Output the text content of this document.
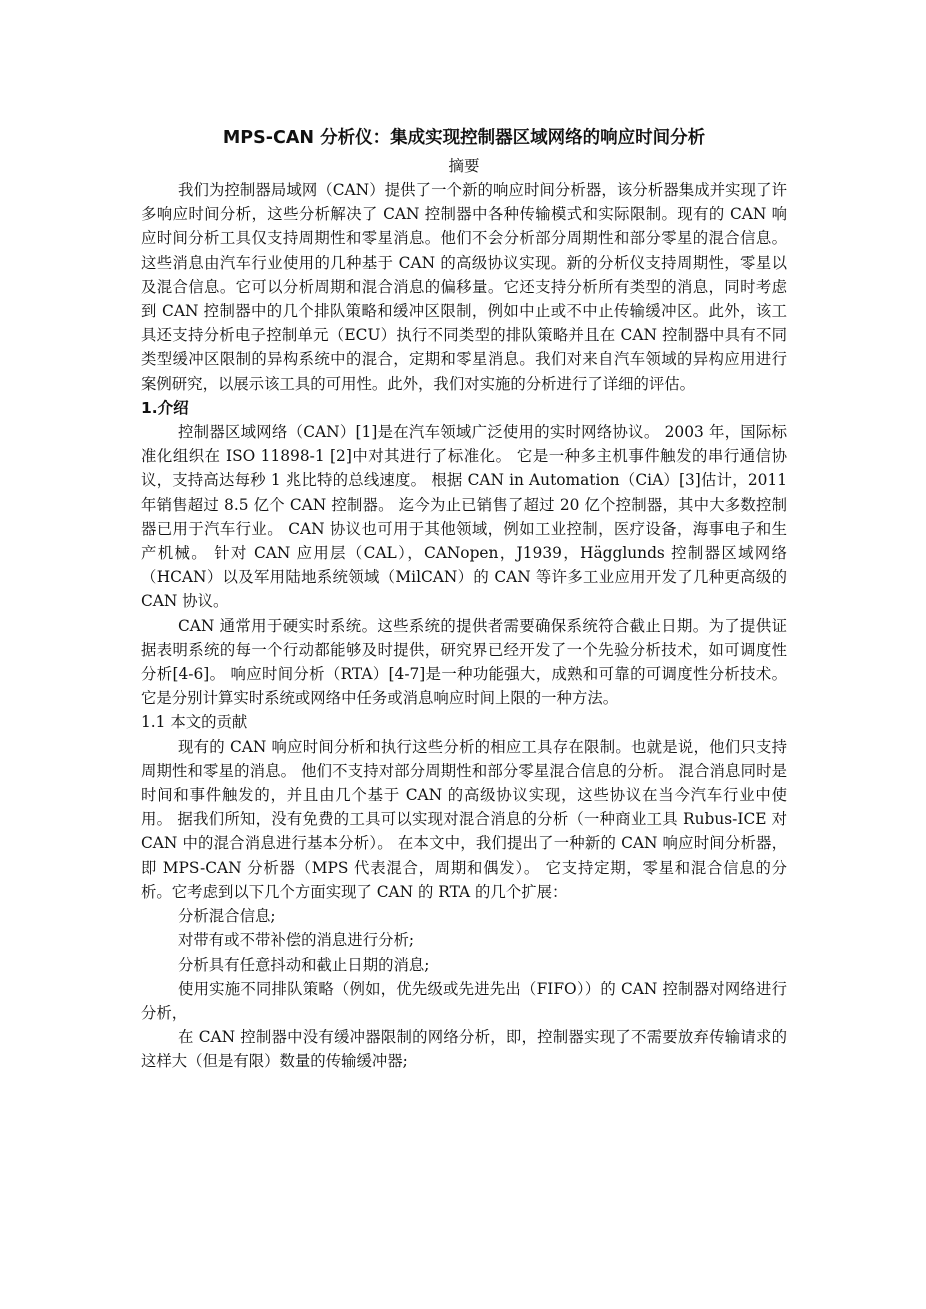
MPS-CAN 分析仪：集成实现控制器区域网络的响应时间分析
摘要

我们为控制器局域网（CAN）提供了一个新的响应时间分析器，该分析器集成并实现了许多响应时间分析，这些分析解决了 CAN 控制器中各种传输模式和实际限制。现有的 CAN 响应时间分析工具仅支持周期性和零星消息。他们不会分析部分周期性和部分零星的混合信息。这些消息由汽车行业使用的几种基于 CAN 的高级协议实现。新的分析仪支持周期性，零星以及混合信息。它可以分析周期和混合消息的偏移量。它还支持分析所有类型的消息，同时考虑到 CAN 控制器中的几个排队策略和缓冲区限制，例如中止或不中止传输缓冲区。此外，该工具还支持分析电子控制单元（ECU）执行不同类型的排队策略并且在 CAN 控制器中具有不同类型缓冲区限制的异构系统中的混合，定期和零星消息。我们对来自汽车领域的异构应用进行案例研究，以展示该工具的可用性。此外，我们对实施的分析进行了详细的评估。

1.介绍

控制器区域网络（CAN）[1]是在汽车领域广泛使用的实时网络协议。 2003 年，国际标准化组织在 ISO 11898-1 [2]中对其进行了标准化。 它是一种多主机事件触发的串行通信协议，支持高达每秒 1 兆比特的总线速度。 根据 CAN in Automation（CiA）[3]估计，2011 年销售超过 8.5 亿个 CAN 控制器。 迄今为止已销售了超过 20 亿个控制器，其中大多数控制器已用于汽车行业。 CAN 协议也可用于其他领域，例如工业控制，医疗设备，海事电子和生产机械。 针对 CAN 应用层（CAL），CANopen，J1939，Hägglunds 控制器区域网络（HCAN）以及军用陆地系统领域（MilCAN）的 CAN 等许多工业应用开发了几种更高级的 CAN 协议。

CAN 通常用于硬实时系统。这些系统的提供者需要确保系统符合截止日期。为了提供证据表明系统的每一个行动都能够及时提供，研究界已经开发了一个先验分析技术，如可调度性分析[4-6]。 响应时间分析（RTA）[4-7]是一种功能强大，成熟和可靠的可调度性分析技术。 它是分别计算实时系统或网络中任务或消息响应时间上限的一种方法。

1.1 本文的贡献

现有的 CAN 响应时间分析和执行这些分析的相应工具存在限制。也就是说，他们只支持周期性和零星的消息。 他们不支持对部分周期性和部分零星混合信息的分析。 混合消息同时是时间和事件触发的，并且由几个基于 CAN 的高级协议实现，这些协议在当今汽车行业中使用。 据我们所知，没有免费的工具可以实现对混合消息的分析（一种商业工具 Rubus-ICE 对 CAN 中的混合消息进行基本分析）。 在本文中，我们提出了一种新的 CAN 响应时间分析器，即 MPS-CAN 分析器（MPS 代表混合，周期和偶发）。 它支持定期，零星和混合信息的分析。它考虑到以下几个方面实现了 CAN 的 RTA 的几个扩展：

分析混合信息;

对带有或不带补偿的消息进行分析;

分析具有任意抖动和截止日期的消息;

使用实施不同排队策略（例如，优先级或先进先出（FIFO））的 CAN 控制器对网络进行分析，

在 CAN 控制器中没有缓冲器限制的网络分析，即，控制器实现了不需要放弃传输请求的这样大（但是有限）数量的传输缓冲器;
